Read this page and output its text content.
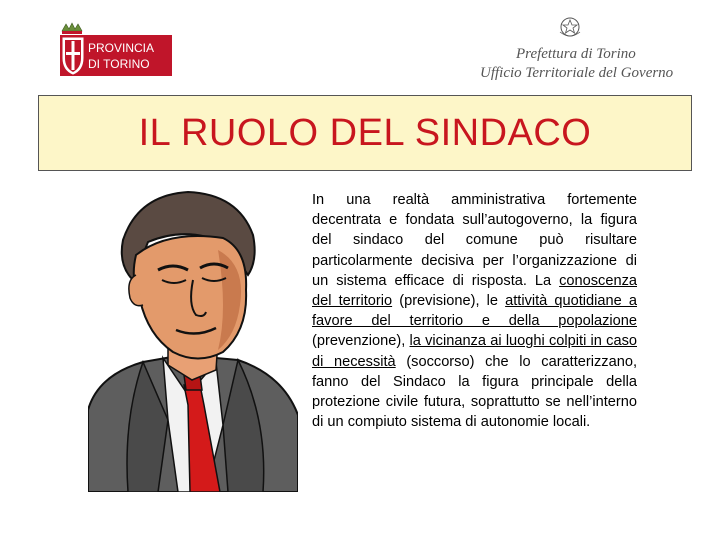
PROVINCIA
DI TORINO
Prefettura di Torino
Ufficio Territoriale del Governo
IL RUOLO DEL SINDACO
In una realtà amministrativa fortemente decentrata e fondata sull’autogoverno, la figura del sindaco del comune può risultare particolarmente decisiva per l’organizzazione di un sistema efficace di risposta. La conoscenza del territorio (previsione), le attività quotidiane a favore del territorio e della popolazione (prevenzione), la vicinanza ai luoghi colpiti in caso di necessità (soccorso) che lo caratterizzano, fanno del Sindaco la figura principale della protezione civile futura, soprattutto se nell’interno di un compiuto sistema di autonomie locali.
